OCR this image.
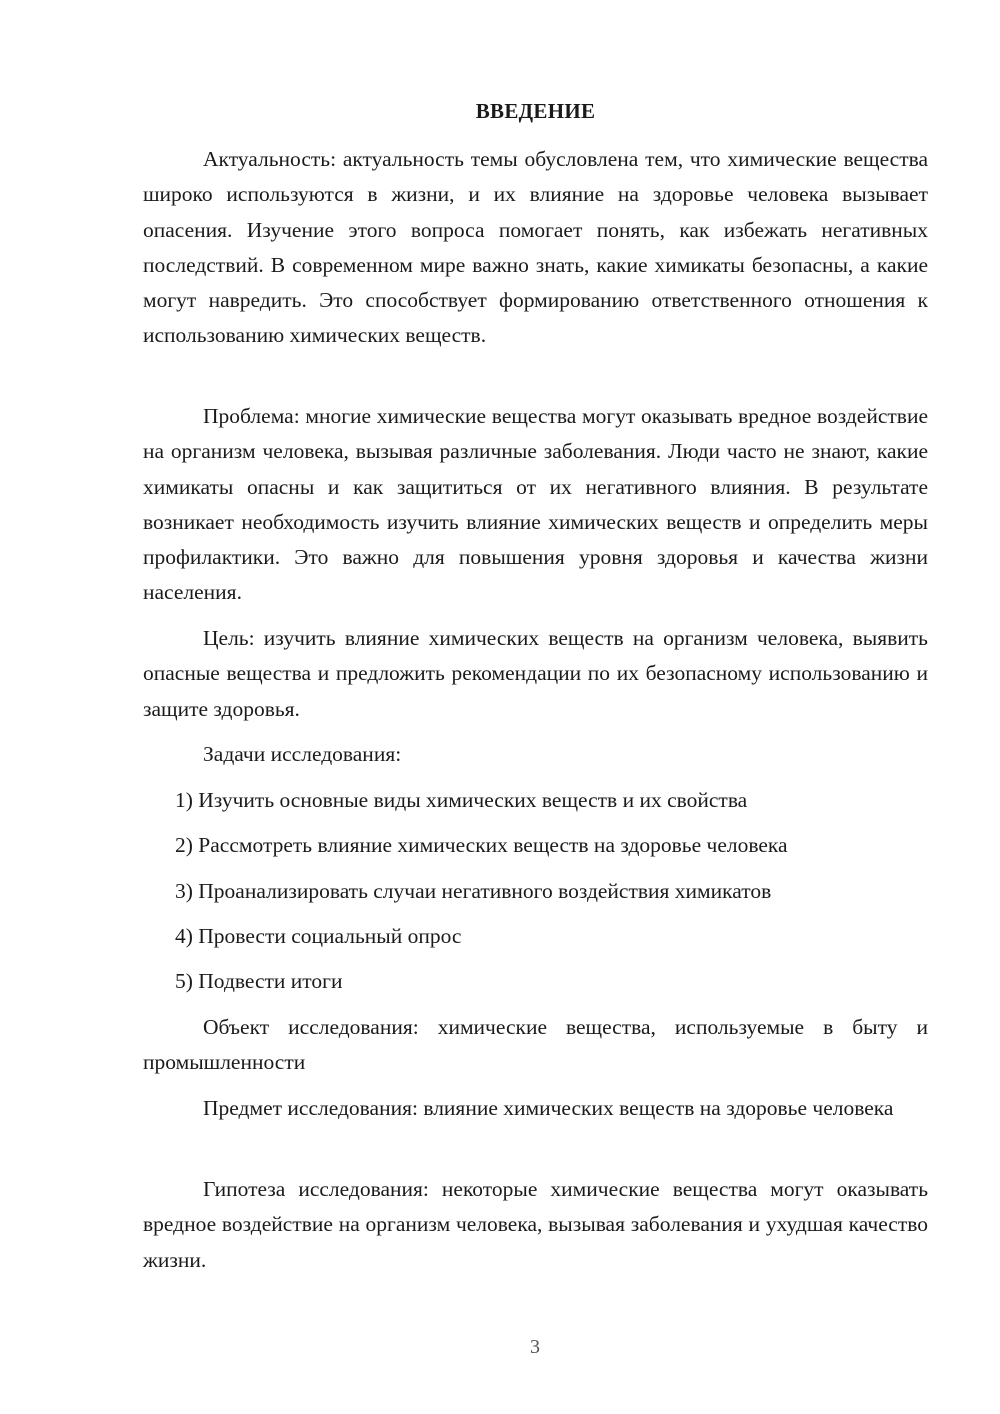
ВВЕДЕНИЕ

Актуальность: актуальность темы обусловлена тем, что химические вещества широко используются в жизни, и их влияние на здоровье человека вызывает опасения. Изучение этого вопроса помогает понять, как избежать негативных последствий. В современном мире важно знать, какие химикаты безопасны, а какие могут навредить. Это способствует формированию ответственного отношения к использованию химических веществ.

Проблема: многие химические вещества могут оказывать вредное воздействие на организм человека, вызывая различные заболевания. Люди часто не знают, какие химикаты опасны и как защититься от их негативного влияния. В результате возникает необходимость изучить влияние химических веществ и определить меры профилактики. Это важно для повышения уровня здоровья и качества жизни населения.

Цель: изучить влияние химических веществ на организм человека, выявить опасные вещества и предложить рекомендации по их безопасному использованию и защите здоровья.

Задачи исследования:

1) Изучить основные виды химических веществ и их свойства

2) Рассмотреть влияние химических веществ на здоровье человека

3) Проанализировать случаи негативного воздействия химикатов

4) Провести социальный опрос

5) Подвести итоги

Объект исследования: химические вещества, используемые в быту и промышленности

Предмет исследования: влияние химических веществ на здоровье человека

Гипотеза исследования: некоторые химические вещества могут оказывать вредное воздействие на организм человека, вызывая заболевания и ухудшая качество жизни.

3
